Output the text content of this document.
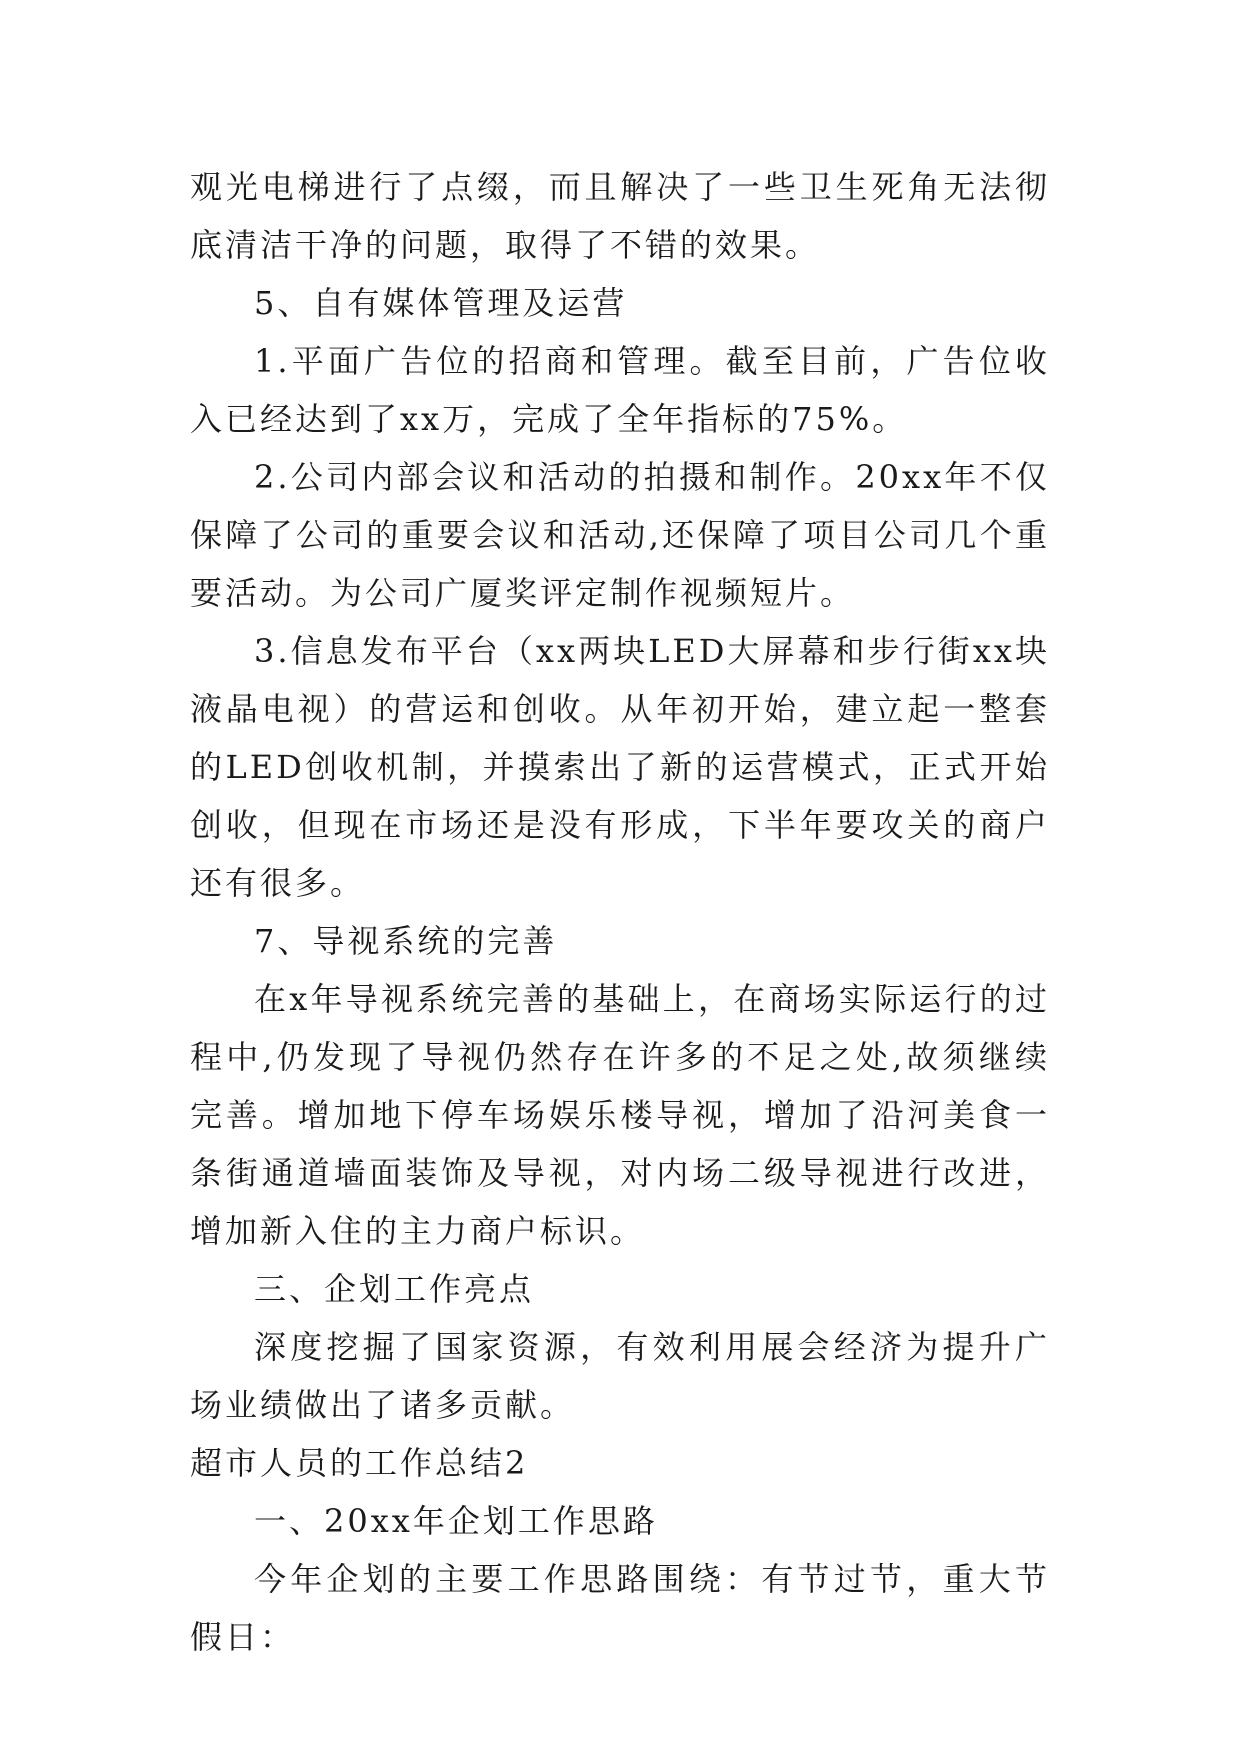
观光电梯进行了点缀，而且解决了一些卫生死角无法彻底清洁干净的问题，取得了不错的效果。

5、自有媒体管理及运营

1.平面广告位的招商和管理。截至目前，广告位收入已经达到了xx万，完成了全年指标的75%。

2.公司内部会议和活动的拍摄和制作。20xx年不仅保障了公司的重要会议和活动,还保障了项目公司几个重要活动。为公司广厦奖评定制作视频短片。

3.信息发布平台（xx两块LED大屏幕和步行街xx块液晶电视）的营运和创收。从年初开始，建立起一整套的LED创收机制，并摸索出了新的运营模式，正式开始创收，但现在市场还是没有形成，下半年要攻关的商户还有很多。

7、导视系统的完善

在x年导视系统完善的基础上，在商场实际运行的过程中,仍发现了导视仍然存在许多的不足之处,故须继续完善。增加地下停车场娱乐楼导视，增加了沿河美食一条街通道墙面装饰及导视，对内场二级导视进行改进，增加新入住的主力商户标识。

三、企划工作亮点

深度挖掘了国家资源，有效利用展会经济为提升广场业绩做出了诸多贡献。

超市人员的工作总结2

一、20xx年企划工作思路

今年企划的主要工作思路围绕：有节过节，重大节假日：
